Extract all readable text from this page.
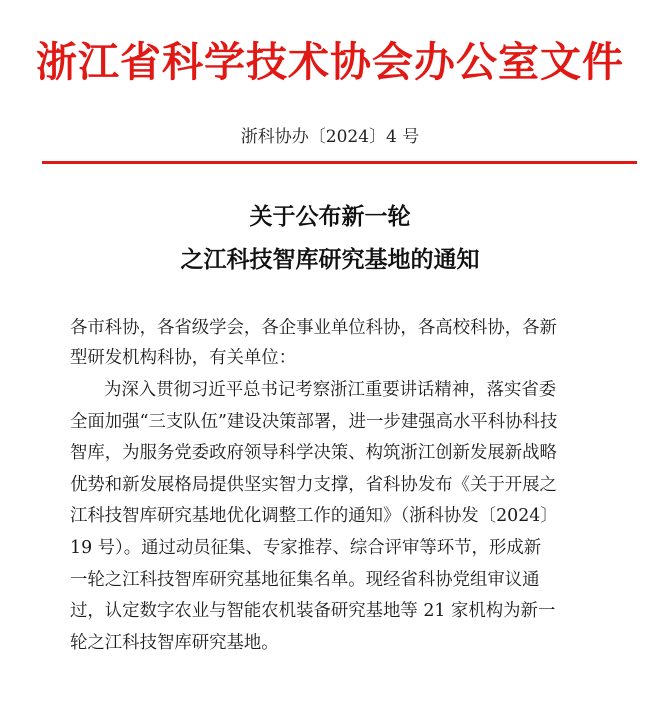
浙江省科学技术协会办公室文件
浙科协办〔2024〕4 号
关于公布新一轮
之江科技智库研究基地的通知
各市科协，各省级学会，各企事业单位科协，各高校科协，各新
型研发机构科协，有关单位：
为深入贯彻习近平总书记考察浙江重要讲话精神，落实省委
全面加强“三支队伍”建设决策部署，进一步建强高水平科协科技
智库，为服务党委政府领导科学决策、构筑浙江创新发展新战略
优势和新发展格局提供坚实智力支撑，省科协发布《关于开展之
江科技智库研究基地优化调整工作的通知》（浙科协发〔2024〕
19 号）。通过动员征集、专家推荐、综合评审等环节，形成新
一轮之江科技智库研究基地征集名单。现经省科协党组审议通
过，认定数字农业与智能农机装备研究基地等 21 家机构为新一
轮之江科技智库研究基地。
